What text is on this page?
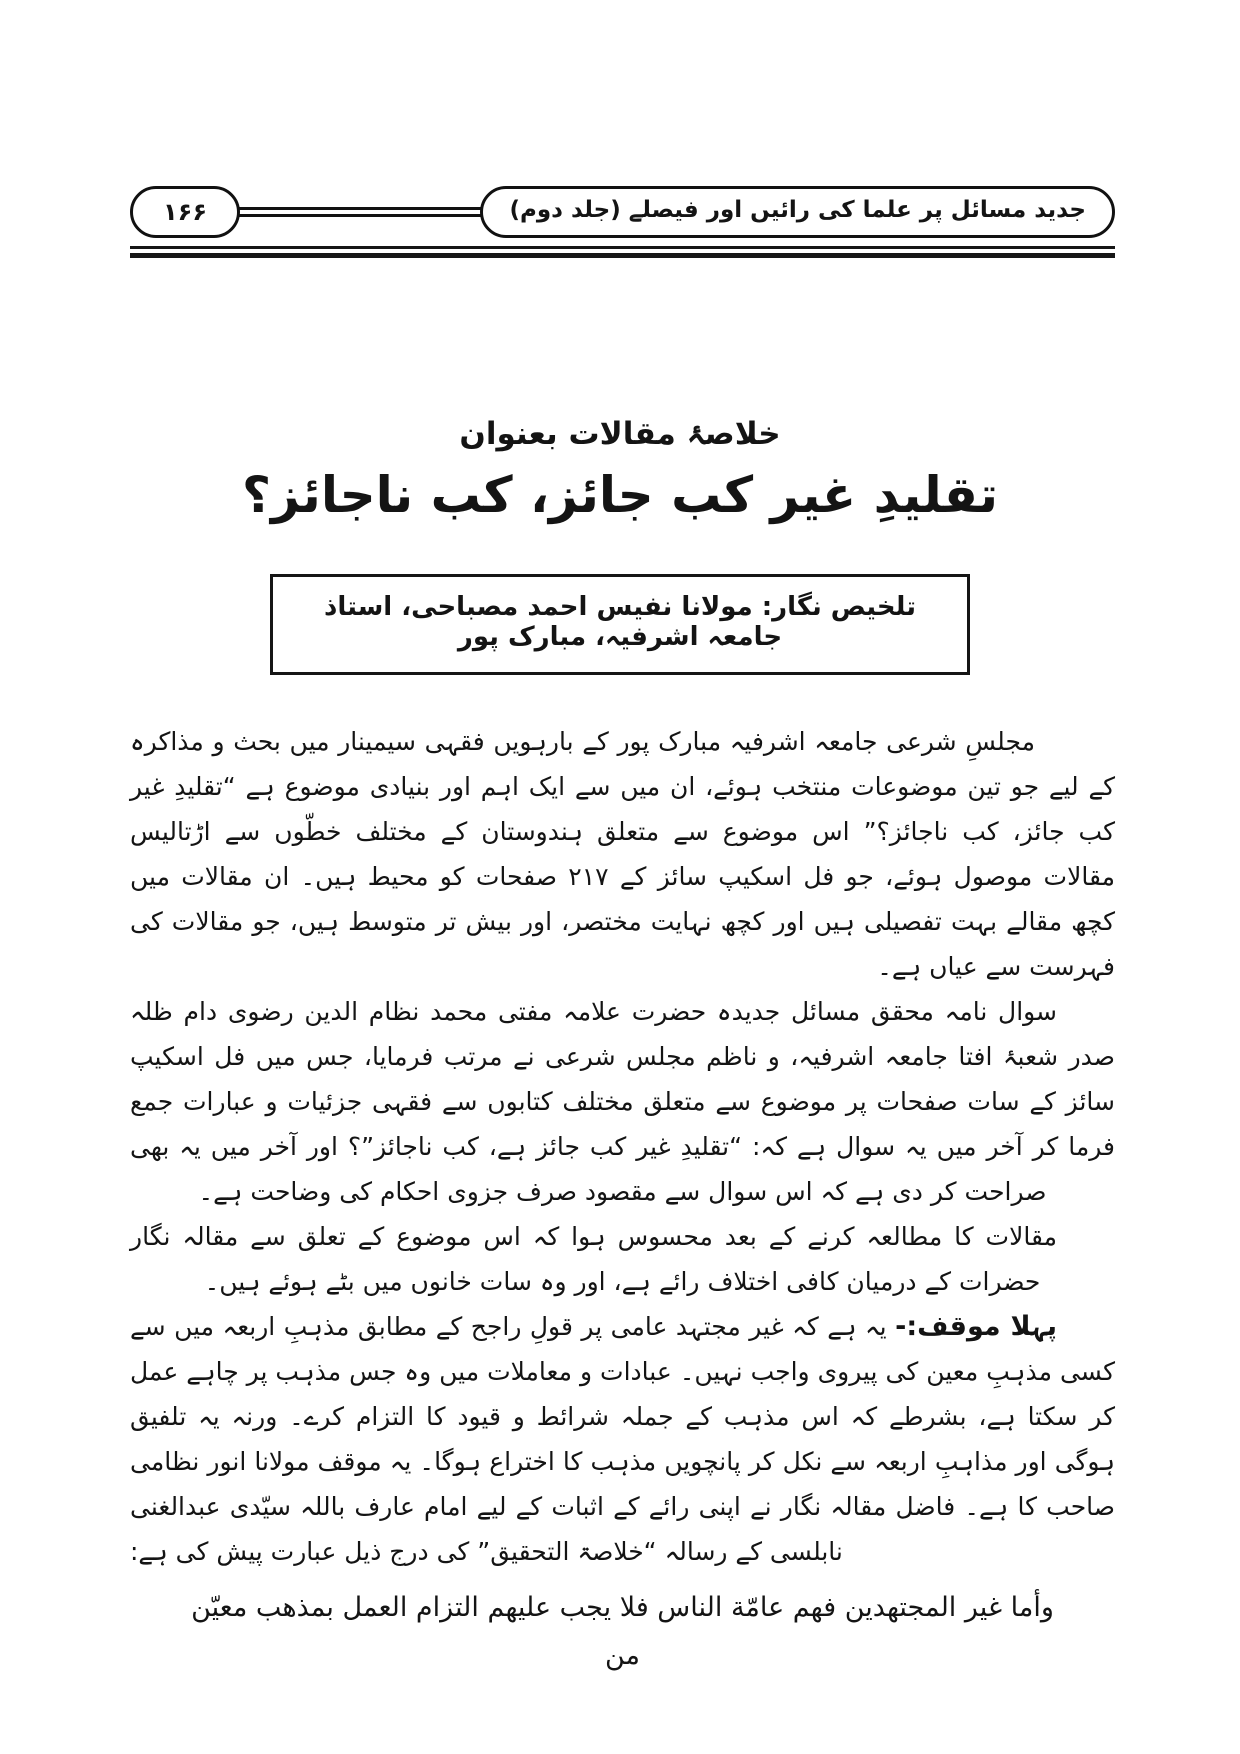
۱۶۶	جدید مسائل پر علما کی رائیں اور فیصلے (جلد دوم)
خلاصۂ مقالات بعنوان
تقلیدِ غیر کب جائز، کب ناجائز؟
تلخیص نگار: مولانا نفیس احمد مصباحی، استاذ جامعہ اشرفیہ، مبارک پور

مجلسِ شرعی جامعہ اشرفیہ مبارک پور کے بارہویں فقہی سیمینار میں بحث و مذاکرہ کے لیے جو تین موضوعات منتخب ہوئے، ان میں سے ایک اہم اور بنیادی موضوع ہے “تقلیدِ غیر کب جائز، کب ناجائز؟” اس موضوع سے متعلق ہندوستان کے مختلف خطّوں سے اڑتالیس مقالات موصول ہوئے، جو فل اسکیپ سائز کے ۲۱۷ صفحات کو محیط ہیں۔ ان مقالات میں کچھ مقالے بہت تفصیلی ہیں اور کچھ نہایت مختصر، اور بیش تر متوسط ہیں، جو مقالات کی فہرست سے عیاں ہے۔

سوال نامہ محقق مسائل جدیدہ حضرت علامہ مفتی محمد نظام الدین رضوی دام ظلہ صدر شعبۂ افتا جامعہ اشرفیہ، و ناظم مجلس شرعی نے مرتب فرمایا، جس میں فل اسکیپ سائز کے سات صفحات پر موضوع سے متعلق مختلف کتابوں سے فقہی جزئیات و عبارات جمع فرما کر آخر میں یہ سوال ہے کہ: “تقلیدِ غیر کب جائز ہے، کب ناجائز”؟ اور آخر میں یہ بھی صراحت کر دی ہے کہ اس سوال سے مقصود صرف جزوی احکام کی وضاحت ہے۔

مقالات کا مطالعہ کرنے کے بعد محسوس ہوا کہ اس موضوع کے تعلق سے مقالہ نگار حضرات کے درمیان کافی اختلاف رائے ہے، اور وہ سات خانوں میں بٹے ہوئے ہیں۔

پہلا موقف:- یہ ہے کہ غیر مجتہد عامی پر قولِ راجح کے مطابق مذہبِ اربعہ میں سے کسی مذہبِ معین کی پیروی واجب نہیں۔ عبادات و معاملات میں وہ جس مذہب پر چاہے عمل کر سکتا ہے، بشرطے کہ اس مذہب کے جملہ شرائط و قیود کا التزام کرے۔ ورنہ یہ تلفیق ہوگی اور مذاہبِ اربعہ سے نکل کر پانچویں مذہب کا اختراع ہوگا۔ یہ موقف مولانا انور نظامی صاحب کا ہے۔ فاضل مقالہ نگار نے اپنی رائے کے اثبات کے لیے امام عارف باللہ سیّدی عبدالغنی نابلسی کے رسالہ “خلاصۃ التحقیق” کی درج ذیل عبارت پیش کی ہے:

وأما غير المجتهدين فهم عامّة الناس فلا يجب عليهم التزام العمل بمذهب معيّن من
